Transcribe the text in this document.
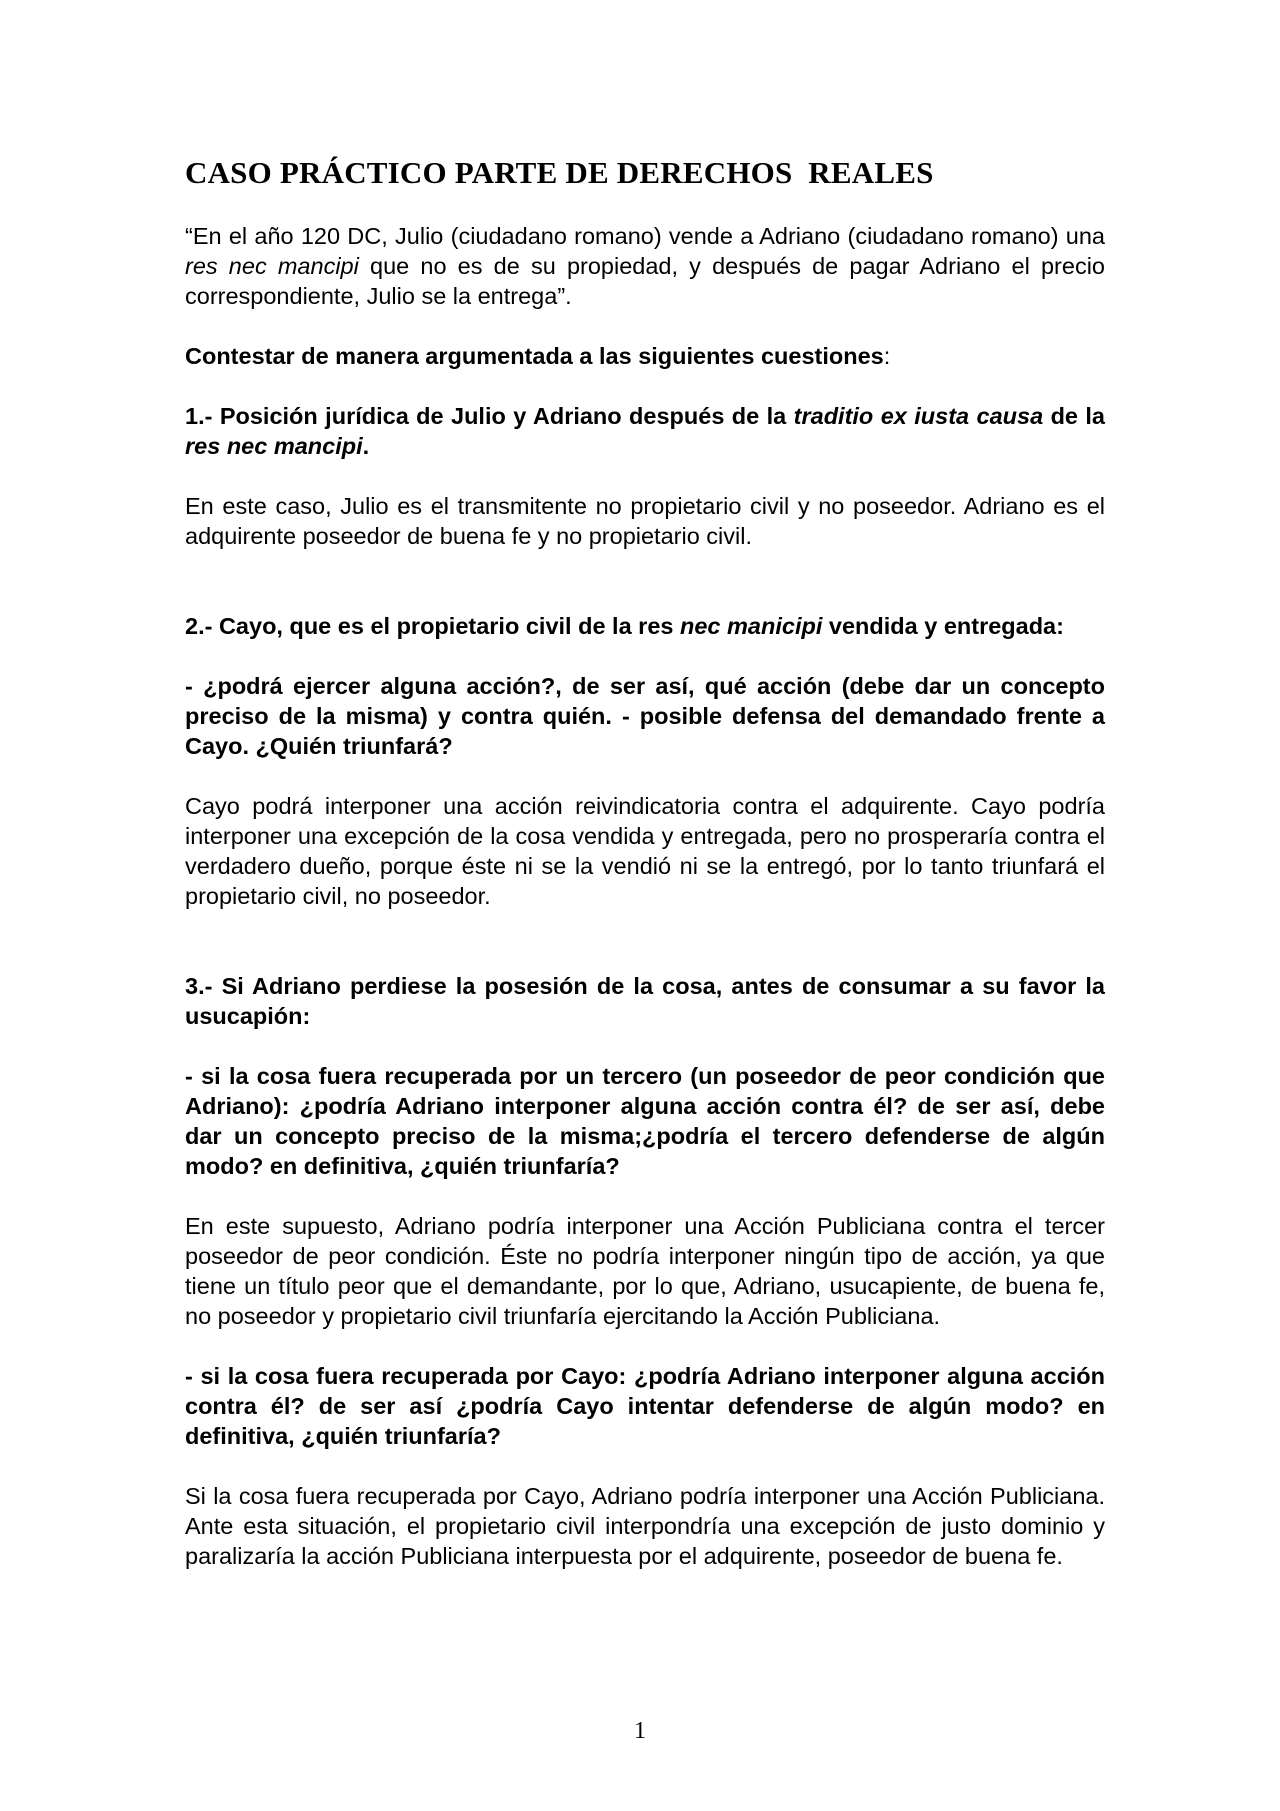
CASO PRÁCTICO PARTE DE DERECHOS  REALES

“En el año 120 DC, Julio (ciudadano romano) vende a Adriano (ciudadano romano) una res nec mancipi que no es de su propiedad, y después de pagar Adriano el precio correspondiente, Julio se la entrega”.

Contestar de manera argumentada a las siguientes cuestiones:

1.- Posición jurídica de Julio y Adriano después de la traditio ex iusta causa de la res nec mancipi.

En este caso, Julio es el transmitente no propietario civil y no poseedor. Adriano es el adquirente poseedor de buena fe y no propietario civil.

2.- Cayo, que es el propietario civil de la res nec manicipi vendida y entregada:

- ¿podrá ejercer alguna acción?, de ser así, qué acción (debe dar un concepto preciso de la misma) y contra quién. - posible defensa del demandado frente a Cayo. ¿Quién triunfará?

Cayo podrá interponer una acción reivindicatoria contra el adquirente. Cayo podría interponer una excepción de la cosa vendida y entregada, pero no prosperaría contra el verdadero dueño, porque éste ni se la vendió ni se la entregó, por lo tanto triunfará el propietario civil, no poseedor.

3.- Si Adriano perdiese la posesión de la cosa, antes de consumar a su favor la usucapión:

- si la cosa fuera recuperada por un tercero (un poseedor de peor condición que Adriano): ¿podría Adriano interponer alguna acción contra él? de ser así, debe dar un concepto preciso de la misma;¿podría el tercero defenderse de algún modo? en definitiva, ¿quién triunfaría?

En este supuesto, Adriano podría interponer una Acción Publiciana contra el tercer poseedor de peor condición. Éste no podría interponer ningún tipo de acción, ya que tiene un título peor que el demandante, por lo que, Adriano, usucapiente, de buena fe, no poseedor y propietario civil triunfaría ejercitando la Acción Publiciana.

- si la cosa fuera recuperada por Cayo: ¿podría Adriano interponer alguna acción contra él? de ser así ¿podría Cayo intentar defenderse de algún modo? en definitiva, ¿quién triunfaría?

Si la cosa fuera recuperada por Cayo, Adriano podría interponer una Acción Publiciana. Ante esta situación, el propietario civil interpondría una excepción de justo dominio y paralizaría la acción Publiciana interpuesta por el adquirente, poseedor de buena fe.

1
